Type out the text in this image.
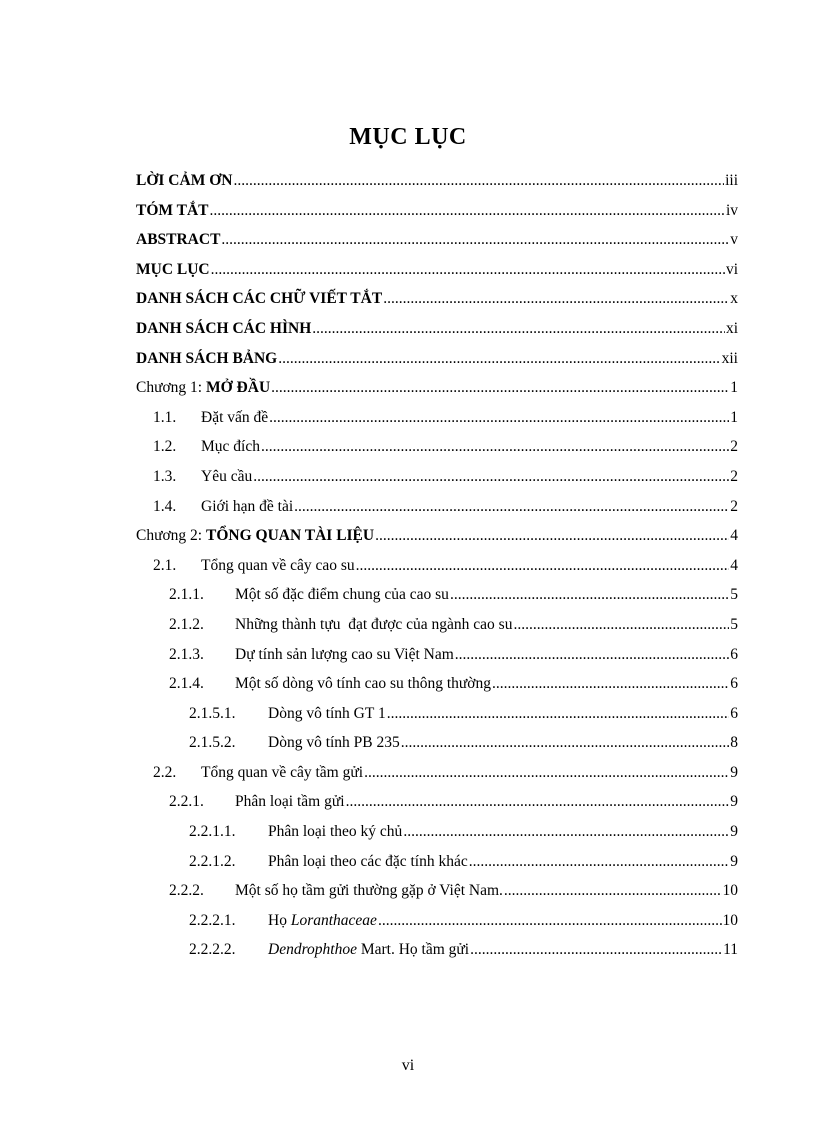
MỤC LỤC
LỜI CẢM ƠN .....	iii
TÓM TẮT .....	iv
ABSTRACT .....	v
MỤC LỤC .....	vi
DANH SÁCH CÁC CHỮ VIẾT TẮT .....	x
DANH SÁCH CÁC HÌNH .....	xi
DANH SÁCH BẢNG .....	xii
Chương 1: MỞ ĐẦU .....	1
1.1.	Đặt vấn đề .....	1
1.2.	Mục đích .....	2
1.3.	Yêu cầu .....	2
1.4.	Giới hạn đề tài .....	2
Chương 2: TỔNG QUAN TÀI LIỆU .....	4
2.1.	Tổng quan về cây cao su .....	4
2.1.1.	Một số đặc điểm chung của cao su .....	5
2.1.2.	Những thành tựu  đạt được của ngành cao su .....	5
2.1.3.	Dự tính sản lượng cao su Việt Nam .....	6
2.1.4.	Một số dòng vô tính cao su thông thường .....	6
2.1.5.1.	Dòng vô tính GT 1 .....	6
2.1.5.2.	Dòng vô tính PB 235 .....	8
2.2.	Tổng quan về cây tầm gửi .....	9
2.2.1.	Phân loại tầm gửi .....	9
2.2.1.1.	Phân loại theo ký chủ .....	9
2.2.1.2.	Phân loại theo các đặc tính khác .....	9
2.2.2.	Một số họ tầm gửi thường gặp ở Việt Nam. .....	10
2.2.2.1.	Họ Loranthaceae .....	10
2.2.2.2.	Dendrophthoe Mart. Họ tầm gửi .....	11
vi
